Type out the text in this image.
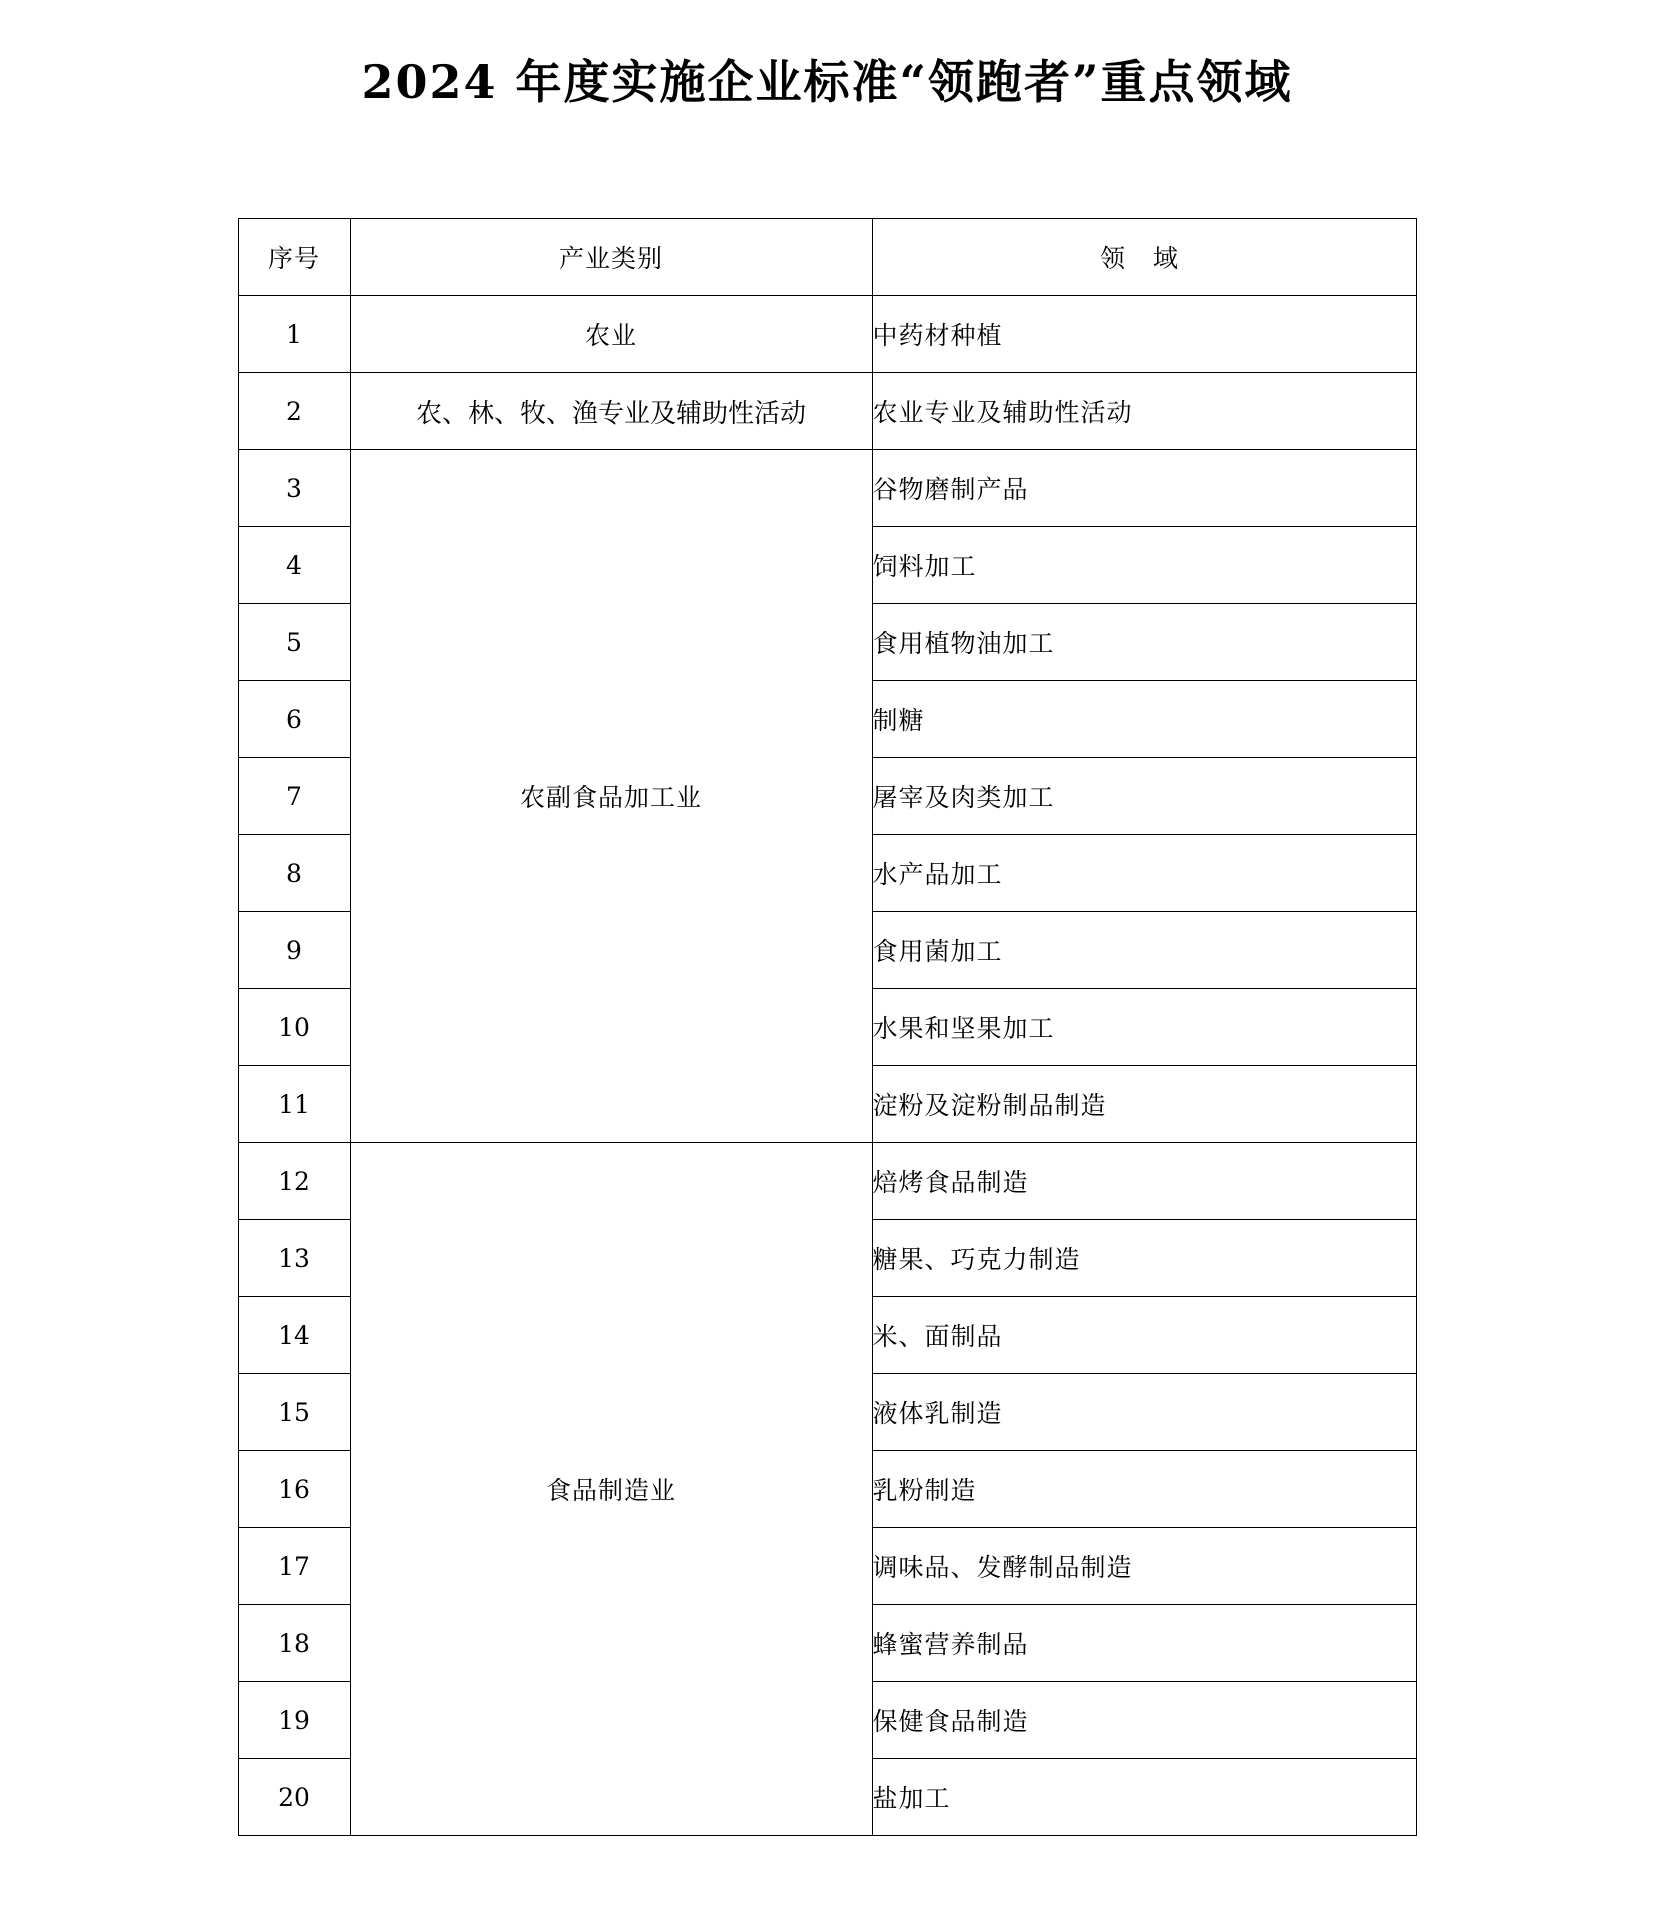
2024 年度实施企业标准“领跑者”重点领域
序号	产业类别	领 域
1	农业	中药材种植
2	农、林、牧、渔专业及辅助性活动	农业专业及辅助性活动
3	农副食品加工业	谷物磨制产品
4		饲料加工
5		食用植物油加工
6		制糖
7		屠宰及肉类加工
8		水产品加工
9		食用菌加工
10		水果和坚果加工
11		淀粉及淀粉制品制造
12	食品制造业	焙烤食品制造
13		糖果、巧克力制造
14		米、面制品
15		液体乳制造
16		乳粉制造
17		调味品、发酵制品制造
18		蜂蜜营养制品
19		保健食品制造
20		盐加工
